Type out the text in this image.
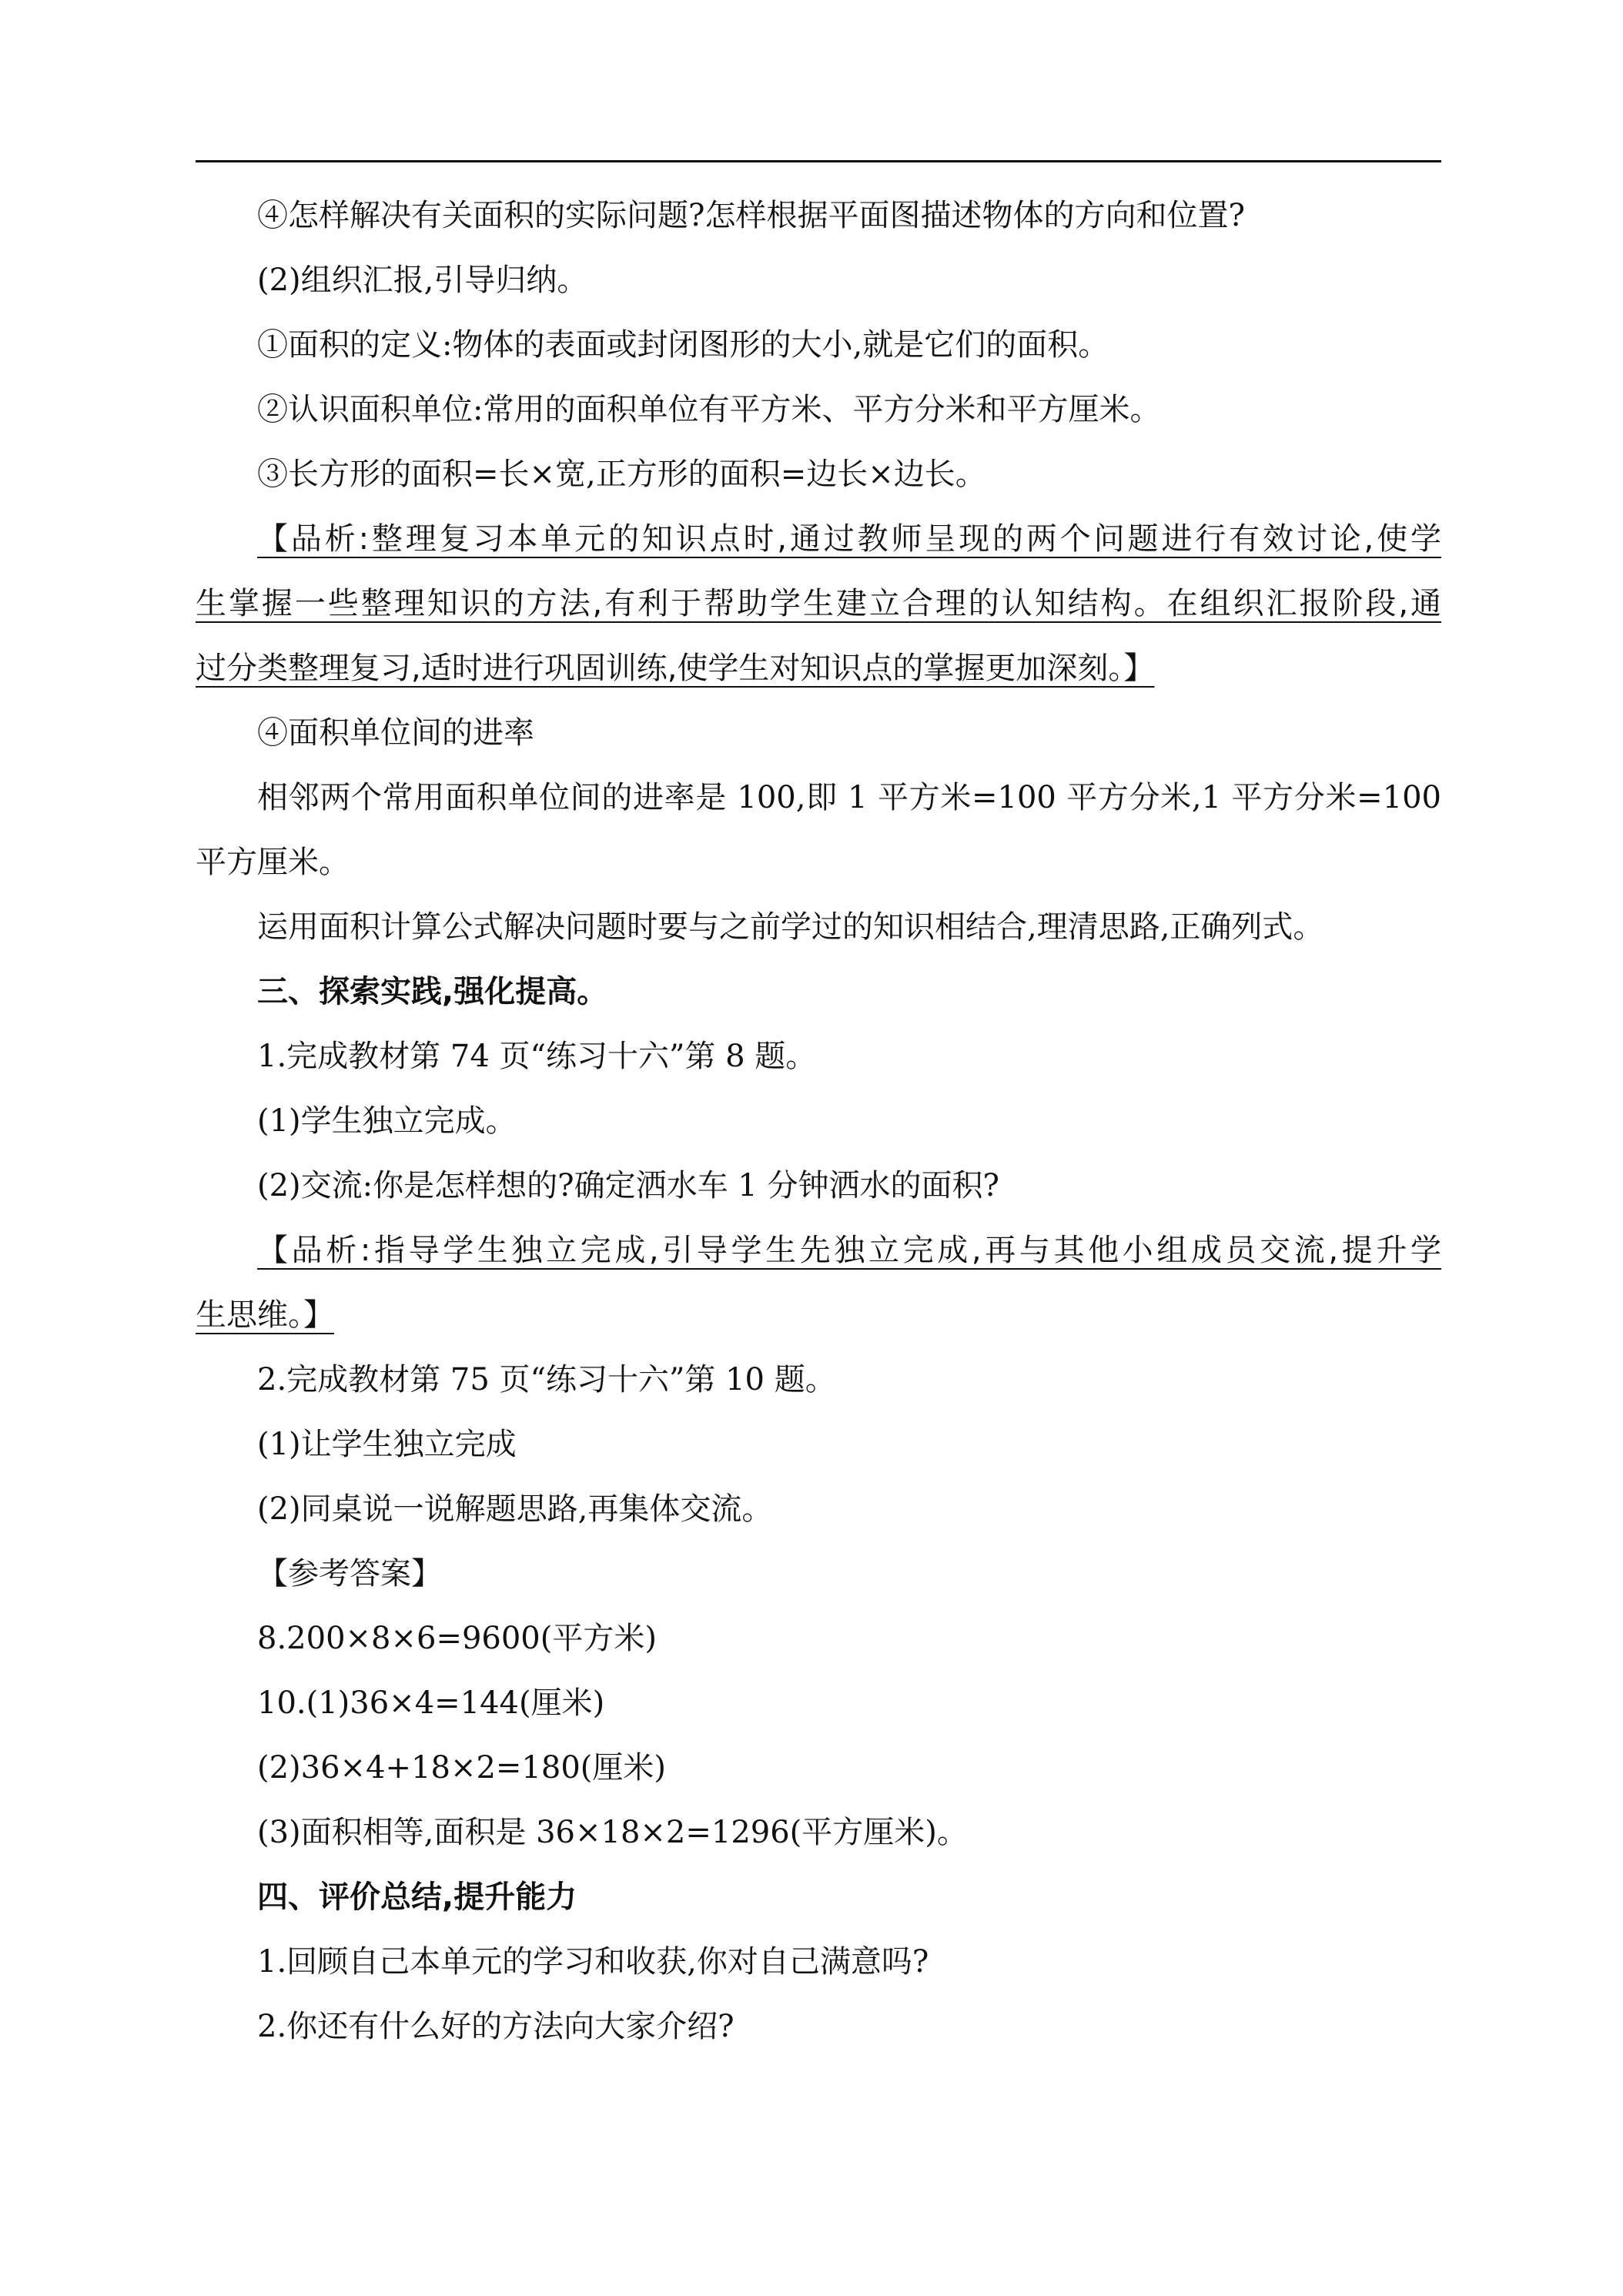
④怎样解决有关面积的实际问题?怎样根据平面图描述物体的方向和位置?
(2)组织汇报,引导归纳。
①面积的定义:物体的表面或封闭图形的大小,就是它们的面积。
②认识面积单位:常用的面积单位有平方米、平方分米和平方厘米。
③长方形的面积=长×宽,正方形的面积=边长×边长。
【品析:整理复习本单元的知识点时,通过教师呈现的两个问题进行有效讨论,使学
生掌握一些整理知识的方法,有利于帮助学生建立合理的认知结构。在组织汇报阶段,通
过分类整理复习,适时进行巩固训练,使学生对知识点的掌握更加深刻。】
④面积单位间的进率
相邻两个常用面积单位间的进率是 100,即 1 平方米=100 平方分米,1 平方分米=100
平方厘米。
运用面积计算公式解决问题时要与之前学过的知识相结合,理清思路,正确列式。
三、探索实践,强化提高。
1.完成教材第 74 页“练习十六”第 8 题。
(1)学生独立完成。
(2)交流:你是怎样想的?确定洒水车 1 分钟洒水的面积?
【品析:指导学生独立完成,引导学生先独立完成,再与其他小组成员交流,提升学
生思维。】
2.完成教材第 75 页“练习十六”第 10 题。
(1)让学生独立完成
(2)同桌说一说解题思路,再集体交流。
【参考答案】
8.200×8×6=9600(平方米)
10.(1)36×4=144(厘米)
(2)36×4+18×2=180(厘米)
(3)面积相等,面积是 36×18×2=1296(平方厘米)。
四、评价总结,提升能力
1.回顾自己本单元的学习和收获,你对自己满意吗?
2.你还有什么好的方法向大家介绍?
